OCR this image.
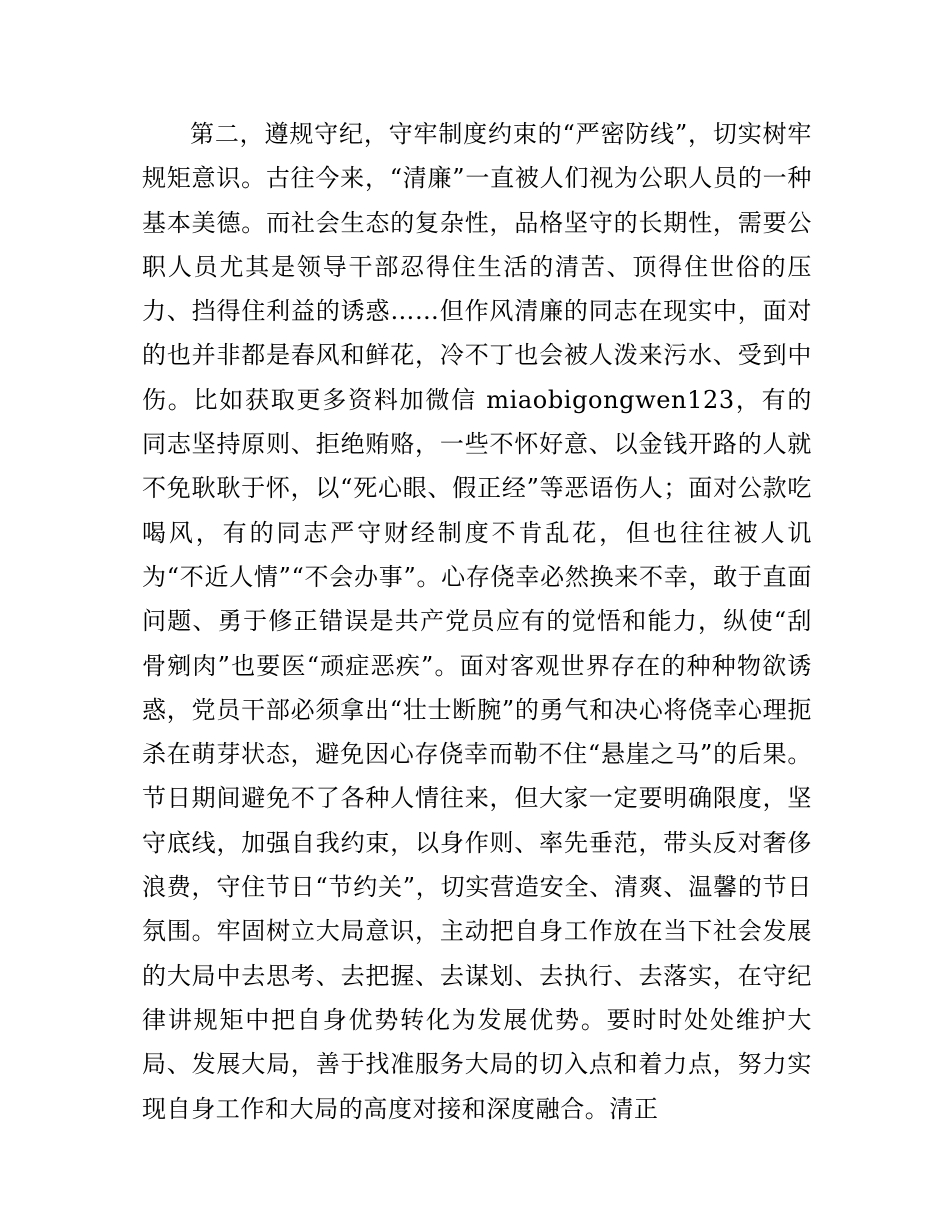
第二，遵规守纪，守牢制度约束的“严密防线”，切实树牢规矩意识。古往今来，“清廉”一直被人们视为公职人员的一种基本美德。而社会生态的复杂性，品格坚守的长期性，需要公职人员尤其是领导干部忍得住生活的清苦、顶得住世俗的压力、挡得住利益的诱惑……但作风清廉的同志在现实中，面对的也并非都是春风和鲜花，冷不丁也会被人泼来污水、受到中伤。比如获取更多资料加微信 miaobigongwen123，有的同志坚持原则、拒绝贿赂，一些不怀好意、以金钱开路的人就不免耿耿于怀，以“死心眼、假正经”等恶语伤人；面对公款吃喝风，有的同志严守财经制度不肯乱花，但也往往被人讥为“不近人情”“不会办事”。心存侥幸必然换来不幸，敢于直面问题、勇于修正错误是共产党员应有的觉悟和能力，纵使“刮骨剜肉”也要医“顽症恶疾”。面对客观世界存在的种种物欲诱惑，党员干部必须拿出“壮士断腕”的勇气和决心将侥幸心理扼杀在萌芽状态，避免因心存侥幸而勒不住“悬崖之马”的后果。节日期间避免不了各种人情往来，但大家一定要明确限度，坚守底线，加强自我约束，以身作则、率先垂范，带头反对奢侈浪费，守住节日“节约关”，切实营造安全、清爽、温馨的节日氛围。牢固树立大局意识，主动把自身工作放在当下社会发展的大局中去思考、去把握、去谋划、去执行、去落实，在守纪律讲规矩中把自身优势转化为发展优势。要时时处处维护大局、发展大局，善于找准服务大局的切入点和着力点，努力实现自身工作和大局的高度对接和深度融合。清正
